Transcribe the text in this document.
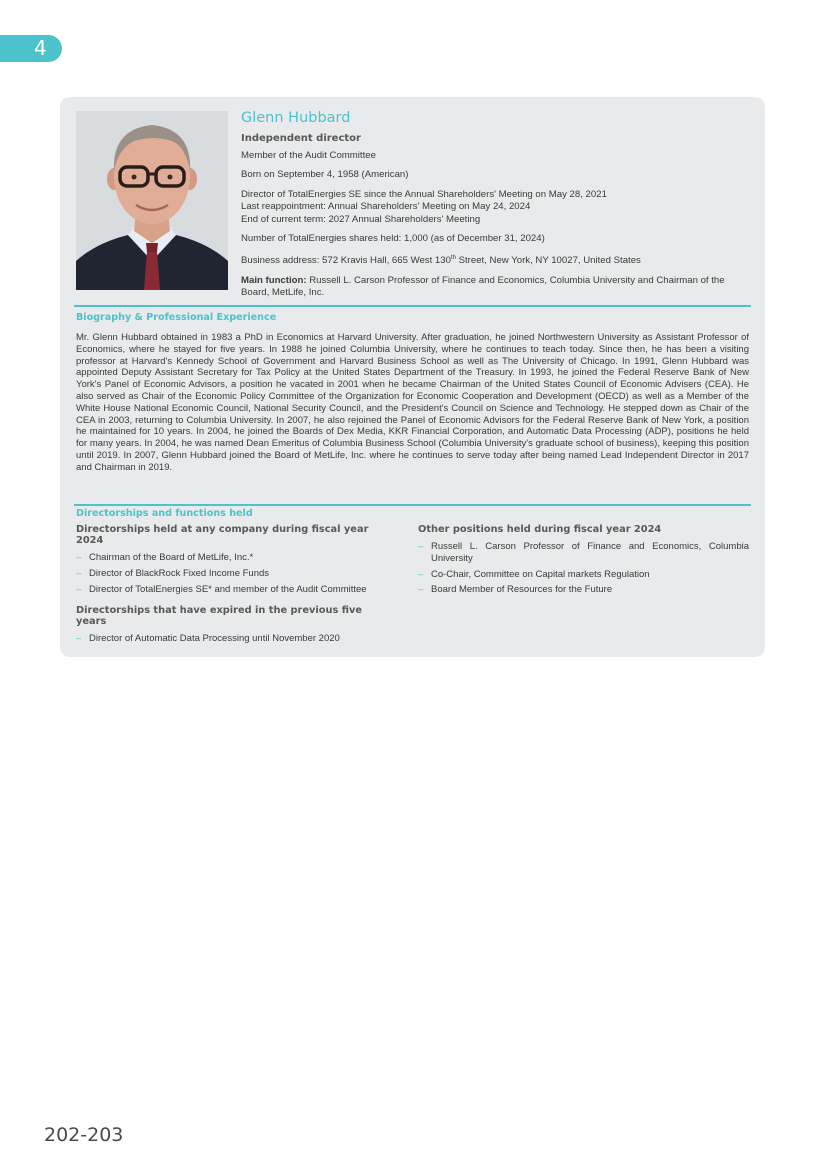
4
Glenn Hubbard
Independent director
Member of the Audit Committee
Born on September 4, 1958 (American)
Director of TotalEnergies SE since the Annual Shareholders' Meeting on May 28, 2021
Last reappointment: Annual Shareholders' Meeting on May 24, 2024
End of current term: 2027 Annual Shareholders' Meeting
Number of TotalEnergies shares held: 1,000 (as of December 31, 2024)
Business address: 572 Kravis Hall, 665 West 130th Street, New York, NY 10027, United States
Main function: Russell L. Carson Professor of Finance and Economics, Columbia University and Chairman of the Board, MetLife, Inc.
Biography & Professional Experience
Mr. Glenn Hubbard obtained in 1983 a PhD in Economics at Harvard University. After graduation, he joined Northwestern University as Assistant Professor of Economics, where he stayed for five years. In 1988 he joined Columbia University, where he continues to teach today. Since then, he has been a visiting professor at Harvard's Kennedy School of Government and Harvard Business School as well as The University of Chicago. In 1991, Glenn Hubbard was appointed Deputy Assistant Secretary for Tax Policy at the United States Department of the Treasury. In 1993, he joined the Federal Reserve Bank of New York's Panel of Economic Advisors, a position he vacated in 2001 when he became Chairman of the United States Council of Economic Advisers (CEA). He also served as Chair of the Economic Policy Committee of the Organization for Economic Cooperation and Development (OECD) as well as a Member of the White House National Economic Council, National Security Council, and the President's Council on Science and Technology. He stepped down as Chair of the CEA in 2003, returning to Columbia University. In 2007, he also rejoined the Panel of Economic Advisors for the Federal Reserve Bank of New York, a position he maintained for 10 years. In 2004, he joined the Boards of Dex Media, KKR Financial Corporation, and Automatic Data Processing (ADP), positions he held for many years. In 2004, he was named Dean Emeritus of Columbia Business School (Columbia University's graduate school of business), keeping this position until 2019. In 2007, Glenn Hubbard joined the Board of MetLife, Inc. where he continues to serve today after being named Lead Independent Director in 2017 and Chairman in 2019.
Directorships and functions held
Directorships held at any company during fiscal year 2024
– Chairman of the Board of MetLife, Inc.*
– Director of BlackRock Fixed Income Funds
– Director of TotalEnergies SE* and member of the Audit Committee
Directorships that have expired in the previous five years
– Director of Automatic Data Processing until November 2020
Other positions held during fiscal year 2024
– Russell L. Carson Professor of Finance and Economics, Columbia University
– Co-Chair, Committee on Capital markets Regulation
– Board Member of Resources for the Future
202-203
